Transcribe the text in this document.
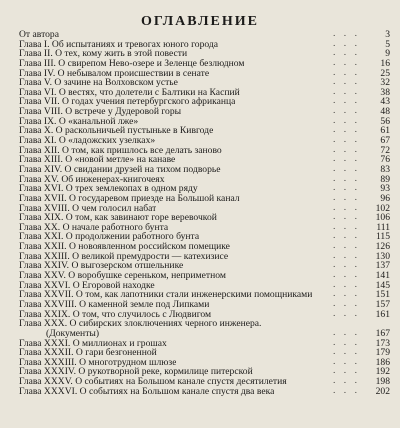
ОГЛАВЛЕНИЕ
От автора	. . .	3
Глава I. Об испытаниях и тревогах юного города	. . .	5
Глава II. О тех, кому жить в этой повести	. . .	9
Глава III. О свирепом Нево-озере и Зеленце безлюдном	. . .	16
Глава IV. О небывалом происшествии в сенате	. . .	25
Глава V. О зачине на Волховском устье	. . .	32
Глава VI. О вестях, что долетели с Балтики на Каспий	. . .	38
Глава VII. О годах учения петербургского африканца	. . .	43
Глава VIII. О встрече у Дудеровой горы	. . .	48
Глава IX. О «канальной лже»	. . .	56
Глава X. О раскольничьей пустыньке в Кивгоде	. . .	61
Глава XI. О «ладожских узелках»	. . .	67
Глава XII. О том, как пришлось все делать заново	. . .	72
Глава XIII. О «новой метле» на канаве	. . .	76
Глава XIV. О свидании друзей на тихом подворье	. . .	83
Глава XV. Об инженерах-книгочеях	. . .	89
Глава XVI. О трех землекопах в одном ряду	. . .	93
Глава XVII. О государевом приезде на Большой канал	. . .	96
Глава XVIII. О чем голосил набат	. . .	102
Глава XIX. О том, как завинают горе веревочкой	. . .	106
Глава XX. О начале работного бунта	. . .	111
Глава XXI. О продолжении работного бунта	. . .	115
Глава XXII. О новоявленном российском помещике	. . .	126
Глава XXIII. О великой премудрости — катехизисе	. . .	130
Глава XXIV. О выгозерском отшельнике	. . .	137
Глава XXV. О воробушке сереньком, неприметном	. . .	141
Глава XXVI. О Егоровой находке	. . .	145
Глава XXVII. О том, как лапотники стали инженерскими помощниками . . .	151
Глава XXVIII. О каменной земле под Липками	. . .	157
Глава XXIX. О том, что случилось с Людвигом	. . .	161
Глава XXX. О сибирских злоключениях черного инженера.
(Документы)	. . .	167
Глава XXXI. О миллионах и грошах	. . .	173
Глава XXXII. О гари безгоненной	. . .	179
Глава XXXIII. О многотрудном шлюзе	. . .	186
Глава XXXIV. О рукотворной реке, кормилице питерской	. . .	192
Глава XXXV. О событиях на Большом канале спустя десятилетия	. . .	198
Глава XXXVI. О событиях на Большом канале спустя два века	. . .	202
